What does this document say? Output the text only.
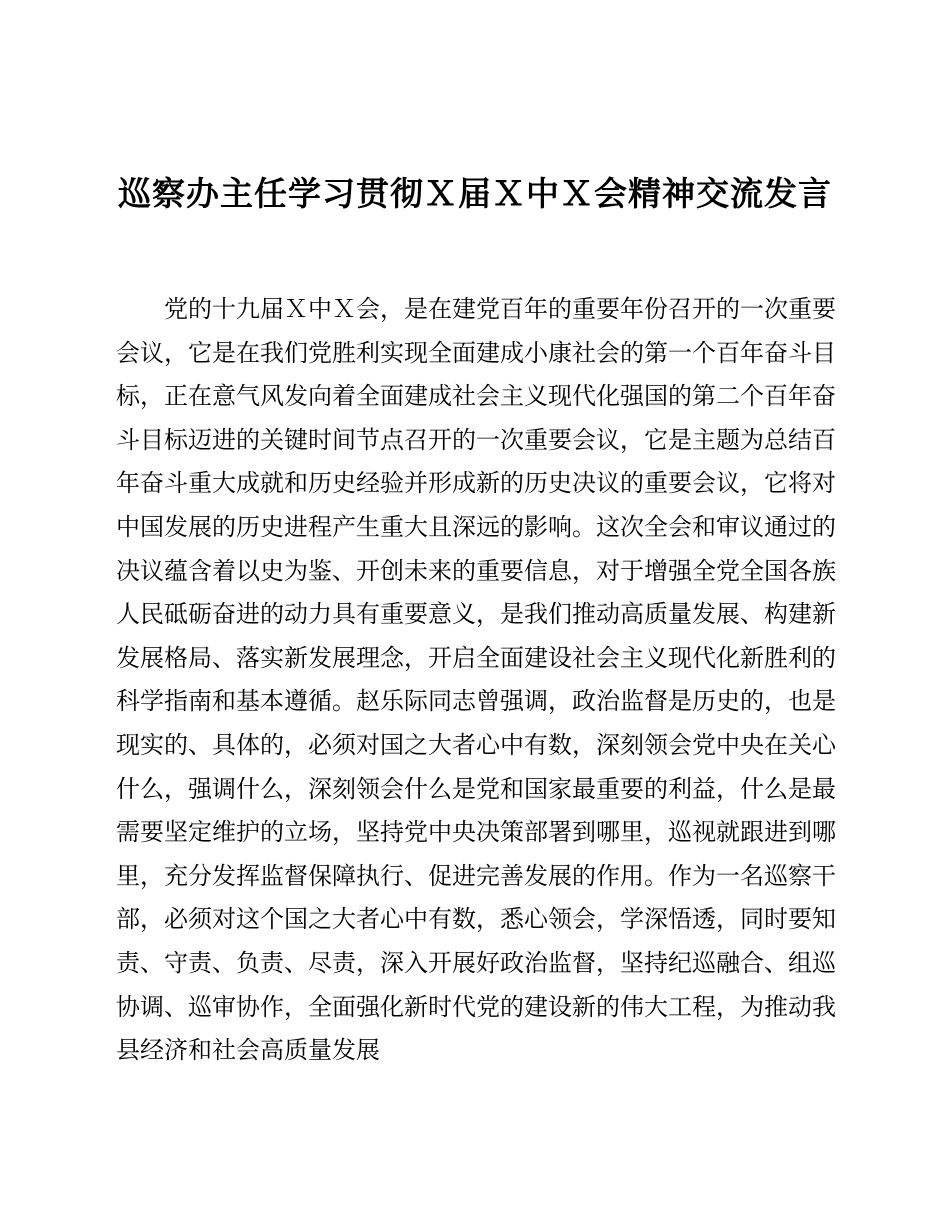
巡察办主任学习贯彻Ｘ届Ｘ中Ｘ会精神交流发言

党的十九届Ｘ中Ｘ会，是在建党百年的重要年份召开的一次重要会议，它是在我们党胜利实现全面建成小康社会的第一个百年奋斗目标，正在意气风发向着全面建成社会主义现代化强国的第二个百年奋斗目标迈进的关键时间节点召开的一次重要会议，它是主题为总结百年奋斗重大成就和历史经验并形成新的历史决议的重要会议，它将对中国发展的历史进程产生重大且深远的影响。这次全会和审议通过的决议蕴含着以史为鉴、开创未来的重要信息，对于增强全党全国各族人民砥砺奋进的动力具有重要意义，是我们推动高质量发展、构建新发展格局、落实新发展理念，开启全面建设社会主义现代化新胜利的科学指南和基本遵循。赵乐际同志曾强调，政治监督是历史的，也是现实的、具体的，必须对国之大者心中有数，深刻领会党中央在关心什么，强调什么，深刻领会什么是党和国家最重要的利益，什么是最需要坚定维护的立场，坚持党中央决策部署到哪里，巡视就跟进到哪里，充分发挥监督保障执行、促进完善发展的作用。作为一名巡察干部，必须对这个国之大者心中有数，悉心领会，学深悟透，同时要知责、守责、负责、尽责，深入开展好政治监督，坚持纪巡融合、组巡协调、巡审协作，全面强化新时代党的建设新的伟大工程，为推动我县经济和社会高质量发展
